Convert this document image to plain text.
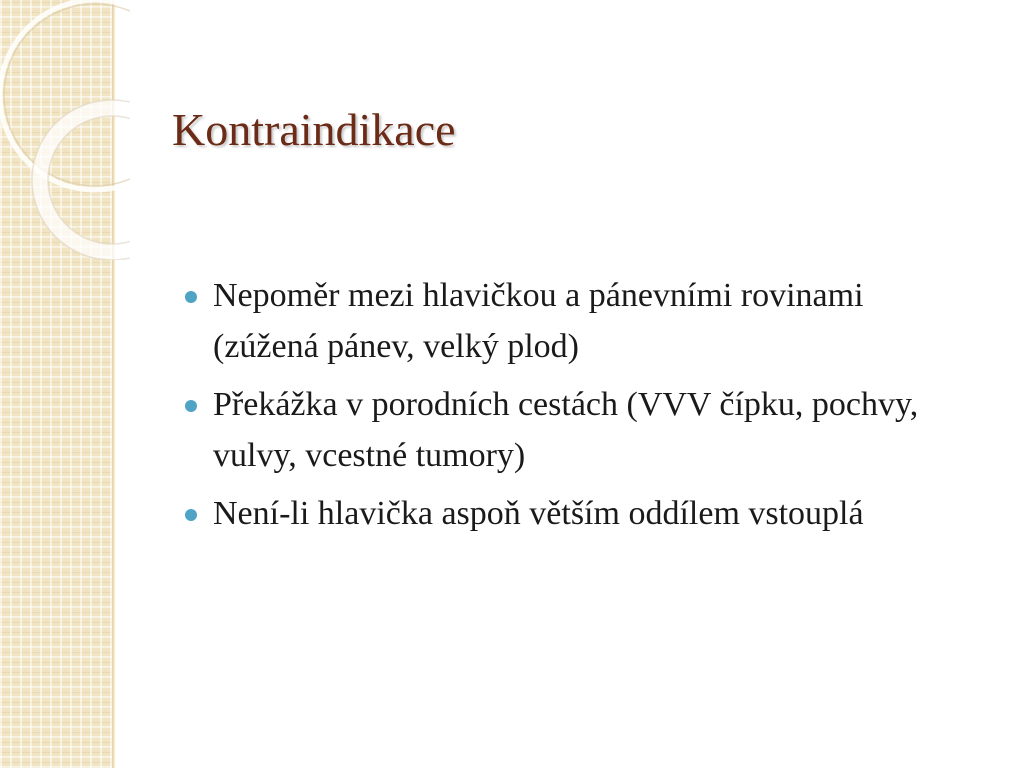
Kontraindikace
Nepoměr mezi hlavičkou a pánevními rovinami (zúžená pánev, velký plod)
Překážka v porodních cestách (VVV čípku, pochvy, vulvy, vcestné tumory)
Není-li hlavička aspoň větším oddílem vstouplá
